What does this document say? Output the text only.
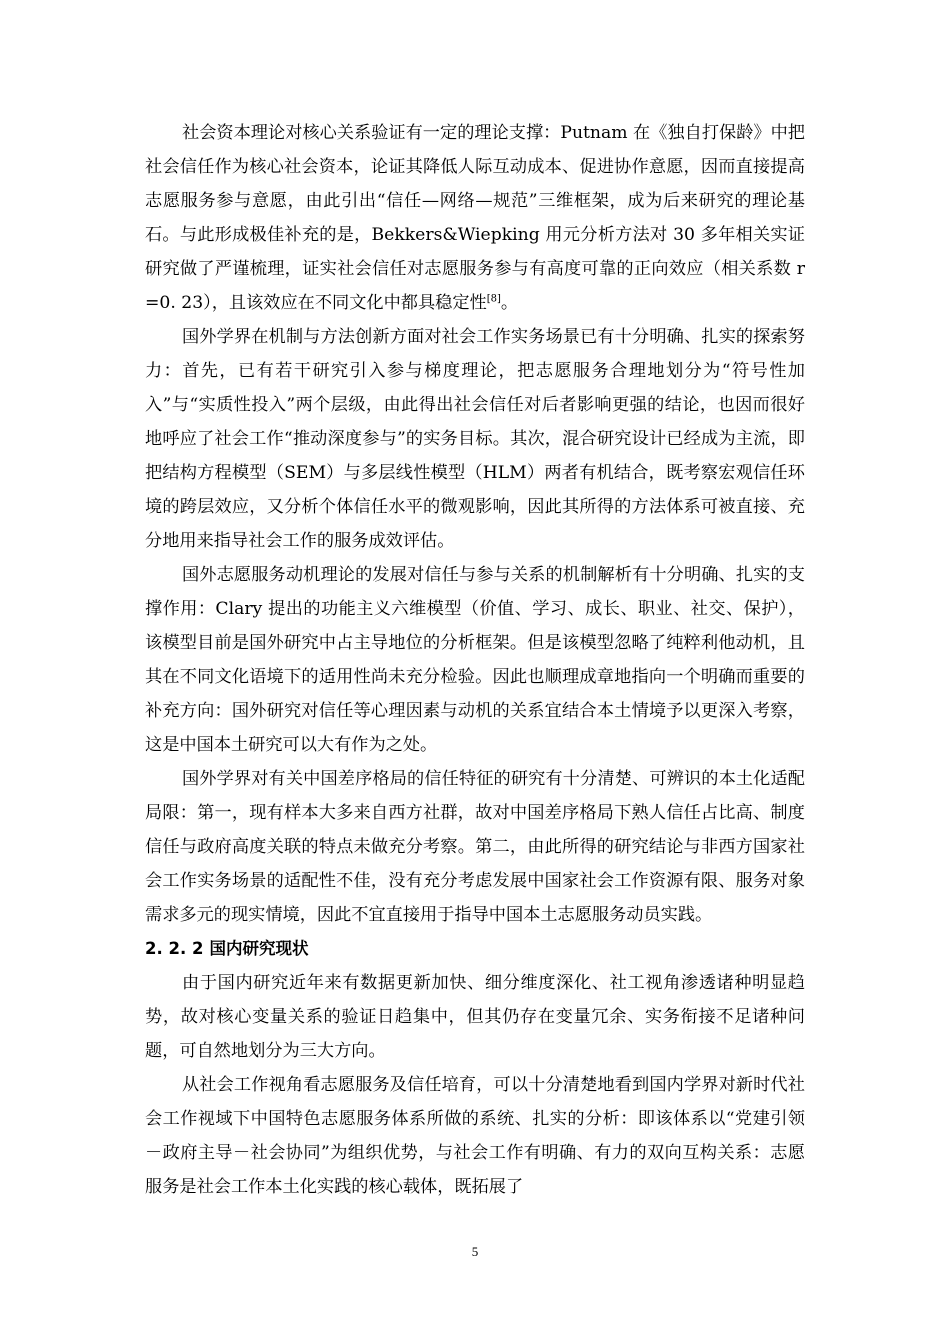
社会资本理论对核心关系验证有一定的理论支撑：Putnam 在《独自打保龄》中把社会信任作为核心社会资本，论证其降低人际互动成本、促进协作意愿，因而直接提高志愿服务参与意愿，由此引出“信任—网络—规范”三维框架，成为后来研究的理论基石。与此形成极佳补充的是，Bekkers&Wiepking 用元分析方法对 30 多年相关实证研究做了严谨梳理，证实社会信任对志愿服务参与有高度可靠的正向效应（相关系数 r=0. 23），且该效应在不同文化中都具稳定性[8]。

国外学界在机制与方法创新方面对社会工作实务场景已有十分明确、扎实的探索努力：首先，已有若干研究引入参与梯度理论，把志愿服务合理地划分为“符号性加入”与“实质性投入”两个层级，由此得出社会信任对后者影响更强的结论，也因而很好地呼应了社会工作“推动深度参与”的实务目标。其次，混合研究设计已经成为主流，即把结构方程模型（SEM）与多层线性模型（HLM）两者有机结合，既考察宏观信任环境的跨层效应，又分析个体信任水平的微观影响，因此其所得的方法体系可被直接、充分地用来指导社会工作的服务成效评估。

国外志愿服务动机理论的发展对信任与参与关系的机制解析有十分明确、扎实的支撑作用：Clary 提出的功能主义六维模型（价值、学习、成长、职业、社交、保护），该模型目前是国外研究中占主导地位的分析框架。但是该模型忽略了纯粹利他动机，且其在不同文化语境下的适用性尚未充分检验。因此也顺理成章地指向一个明确而重要的补充方向：国外研究对信任等心理因素与动机的关系宜结合本土情境予以更深入考察，这是中国本土研究可以大有作为之处。

国外学界对有关中国差序格局的信任特征的研究有十分清楚、可辨识的本土化适配局限：第一，现有样本大多来自西方社群，故对中国差序格局下熟人信任占比高、制度信任与政府高度关联的特点未做充分考察。第二，由此所得的研究结论与非西方国家社会工作实务场景的适配性不佳，没有充分考虑发展中国家社会工作资源有限、服务对象需求多元的现实情境，因此不宜直接用于指导中国本土志愿服务动员实践。

2. 2. 2 国内研究现状

由于国内研究近年来有数据更新加快、细分维度深化、社工视角渗透诸种明显趋势，故对核心变量关系的验证日趋集中，但其仍存在变量冗余、实务衔接不足诸种问题，可自然地划分为三大方向。

从社会工作视角看志愿服务及信任培育，可以十分清楚地看到国内学界对新时代社会工作视域下中国特色志愿服务体系所做的系统、扎实的分析：即该体系以“党建引领－政府主导－社会协同”为组织优势，与社会工作有明确、有力的双向互构关系：志愿服务是社会工作本土化实践的核心载体，既拓展了

5
